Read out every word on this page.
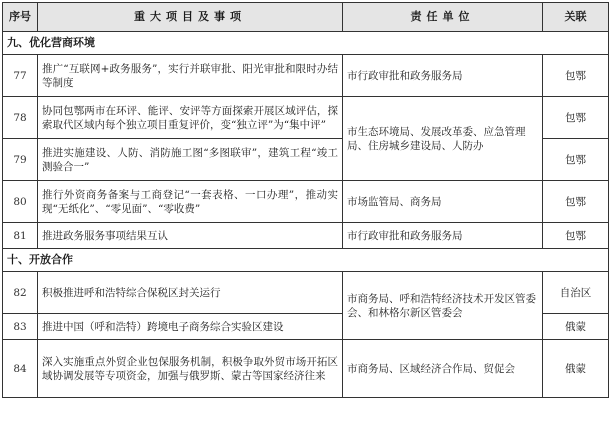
序号	重大项目及事项	责任单位	关联
九、优化营商环境			
77	推广“互联网+政务服务”，实行并联审批、阳光审批和限时办结等制度	市行政审批和政务服务局	包鄂
78	协同包鄂两市在环评、能评、安评等方面探索开展区域评估，探索取代区域内每个独立项目重复评价，变“独立评”为“集中评”	市生态环境局、发展改革委、应急管理局、住房城乡建设局、人防办	包鄂
79	推进实施建设、人防、消防施工图“多图联审”，建筑工程“竣工测验合一”		包鄂
80	推行外资商务备案与工商登记“一套表格、一口办理”，推动实现“无纸化”、“零见面”、“零收费”	市场监管局、商务局	包鄂
81	推进政务服务事项结果互认	市行政审批和政务服务局	包鄂
十、开放合作			
82	积极推进呼和浩特综合保税区封关运行	市商务局、呼和浩特经济技术开发区管委会、和林格尔新区管委会	自治区
83	推进中国（呼和浩特）跨境电子商务综合实验区建设		俄蒙
84	深入实施重点外贸企业包保服务机制，积极争取外贸市场开拓区域协调发展等专项资金，加强与俄罗斯、蒙古等国家经济往来	市商务局、区域经济合作局、贸促会	俄蒙
